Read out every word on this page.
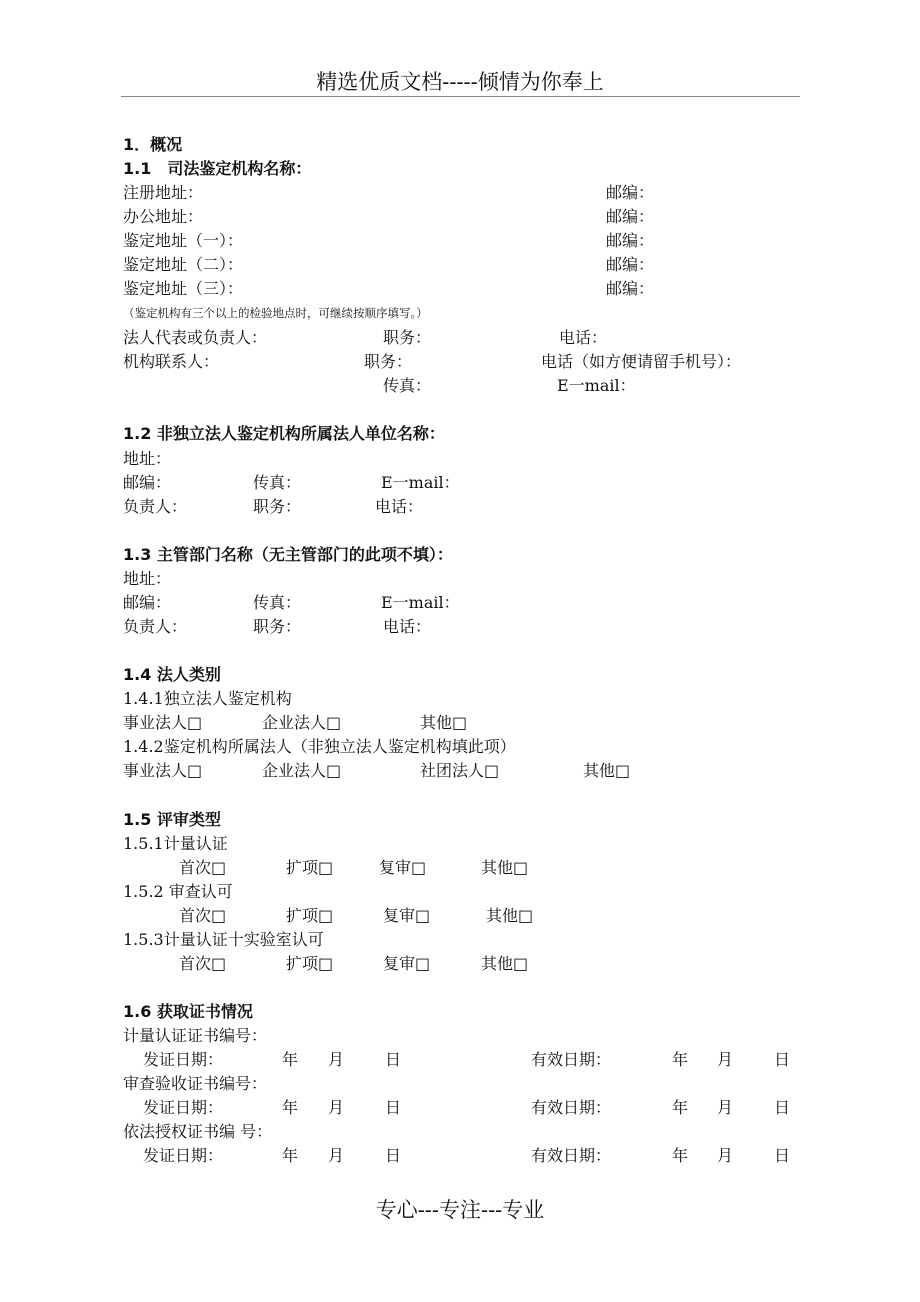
精选优质文档-----倾情为你奉上
1．概况
1.1　司法鉴定机构名称：
注册地址：	邮编：
办公地址：	邮编：
鉴定地址（一）：	邮编：
鉴定地址（二）：	邮编：
鉴定地址（三）：	邮编：
（鉴定机构有三个以上的检验地点时，可继续按顺序填写。）
法人代表或负责人：	职务：	电话：
机构联系人：	职务：	电话（如方便请留手机号）：
传真：	E一mail：
1.2 非独立法人鉴定机构所属法人单位名称：
地址：
邮编：	传真：	E一mail：
负责人：	职务：	电话：
1.3 主管部门名称（无主管部门的此项不填）：
地址：
邮编：	传真：	E一mail：
负责人：	职务：	电话：
1.4 法人类别
1.4.1独立法人鉴定机构
事业法人□	企业法人□	其他□
1.4.2鉴定机构所属法人（非独立法人鉴定机构填此项）
事业法人□	企业法人□	社团法人□	其他□
1.5 评审类型
1.5.1计量认证
首次□	扩项□	复审□	其他□
1.5.2 审查认可
首次□	扩项□	复审□	其他□
1.5.3计量认证十实验室认可
首次□	扩项□	复审□	其他□
1.6 获取证书情况
计量认证证书编号：
发证日期：	年 月	日	有效日期：	年 月	日
审查验收证书编号：
发证日期：	年 月	日	有效日期：	年 月	日
依法授权证书编 号：
发证日期：	年 月	日	有效日期：	年 月	日
专心---专注---专业
